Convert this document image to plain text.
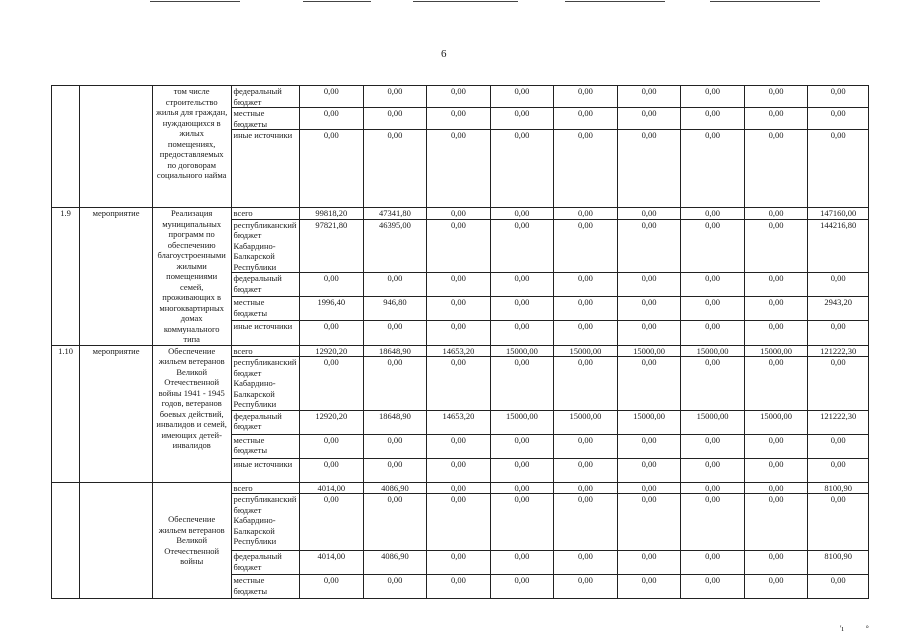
6
		том числе строительство жилья для граждан, нуждающихся в жилых помещениях, предоставляемых по договорам социального найма	федеральный бюджет	0,00	0,00	0,00	0,00	0,00	0,00	0,00	0,00	0,00
			местные бюджеты	0,00	0,00	0,00	0,00	0,00	0,00	0,00	0,00	0,00
			иные источники	0,00	0,00	0,00	0,00	0,00	0,00	0,00	0,00	0,00
1.9	мероприятие	Реализация муниципальных программ по обеспечению благоустроенными жилыми помещениями семей, проживающих в многоквартирных домах коммунального типа	всего	99818,20	47341,80	0,00	0,00	0,00	0,00	0,00	0,00	147160,00
			республиканский бюджет Кабардино-Балкарской Республики	97821,80	46395,00	0,00	0,00	0,00	0,00	0,00	0,00	144216,80
			федеральный бюджет	0,00	0,00	0,00	0,00	0,00	0,00	0,00	0,00	0,00
			местные бюджеты	1996,40	946,80	0,00	0,00	0,00	0,00	0,00	0,00	2943,20
			иные источники	0,00	0,00	0,00	0,00	0,00	0,00	0,00	0,00	0,00
1.10	мероприятие	Обеспечение жильем ветеранов Великой Отечественной войны 1941 - 1945 годов, ветеранов боевых действий, инвалидов и семей, имеющих детей-инвалидов	всего	12920,20	18648,90	14653,20	15000,00	15000,00	15000,00	15000,00	15000,00	121222,30
			республиканский бюджет Кабардино-Балкарской Республики	0,00	0,00	0,00	0,00	0,00	0,00	0,00	0,00	0,00
			федеральный бюджет	12920,20	18648,90	14653,20	15000,00	15000,00	15000,00	15000,00	15000,00	121222,30
			местные бюджеты	0,00	0,00	0,00	0,00	0,00	0,00	0,00	0,00	0,00
			иные источники	0,00	0,00	0,00	0,00	0,00	0,00	0,00	0,00	0,00
		Обеспечение жильем ветеранов Великой Отечественной войны	всего	4014,00	4086,90	0,00	0,00	0,00	0,00	0,00	0,00	8100,90
			республиканский бюджет Кабардино-Балкарской Республики	0,00	0,00	0,00	0,00	0,00	0,00	0,00	0,00	0,00
			федеральный бюджет	4014,00	4086,90	0,00	0,00	0,00	0,00	0,00	0,00	8100,90
			местные бюджеты	0,00	0,00	0,00	0,00	0,00	0,00	0,00	0,00	0,00
'ı           °
